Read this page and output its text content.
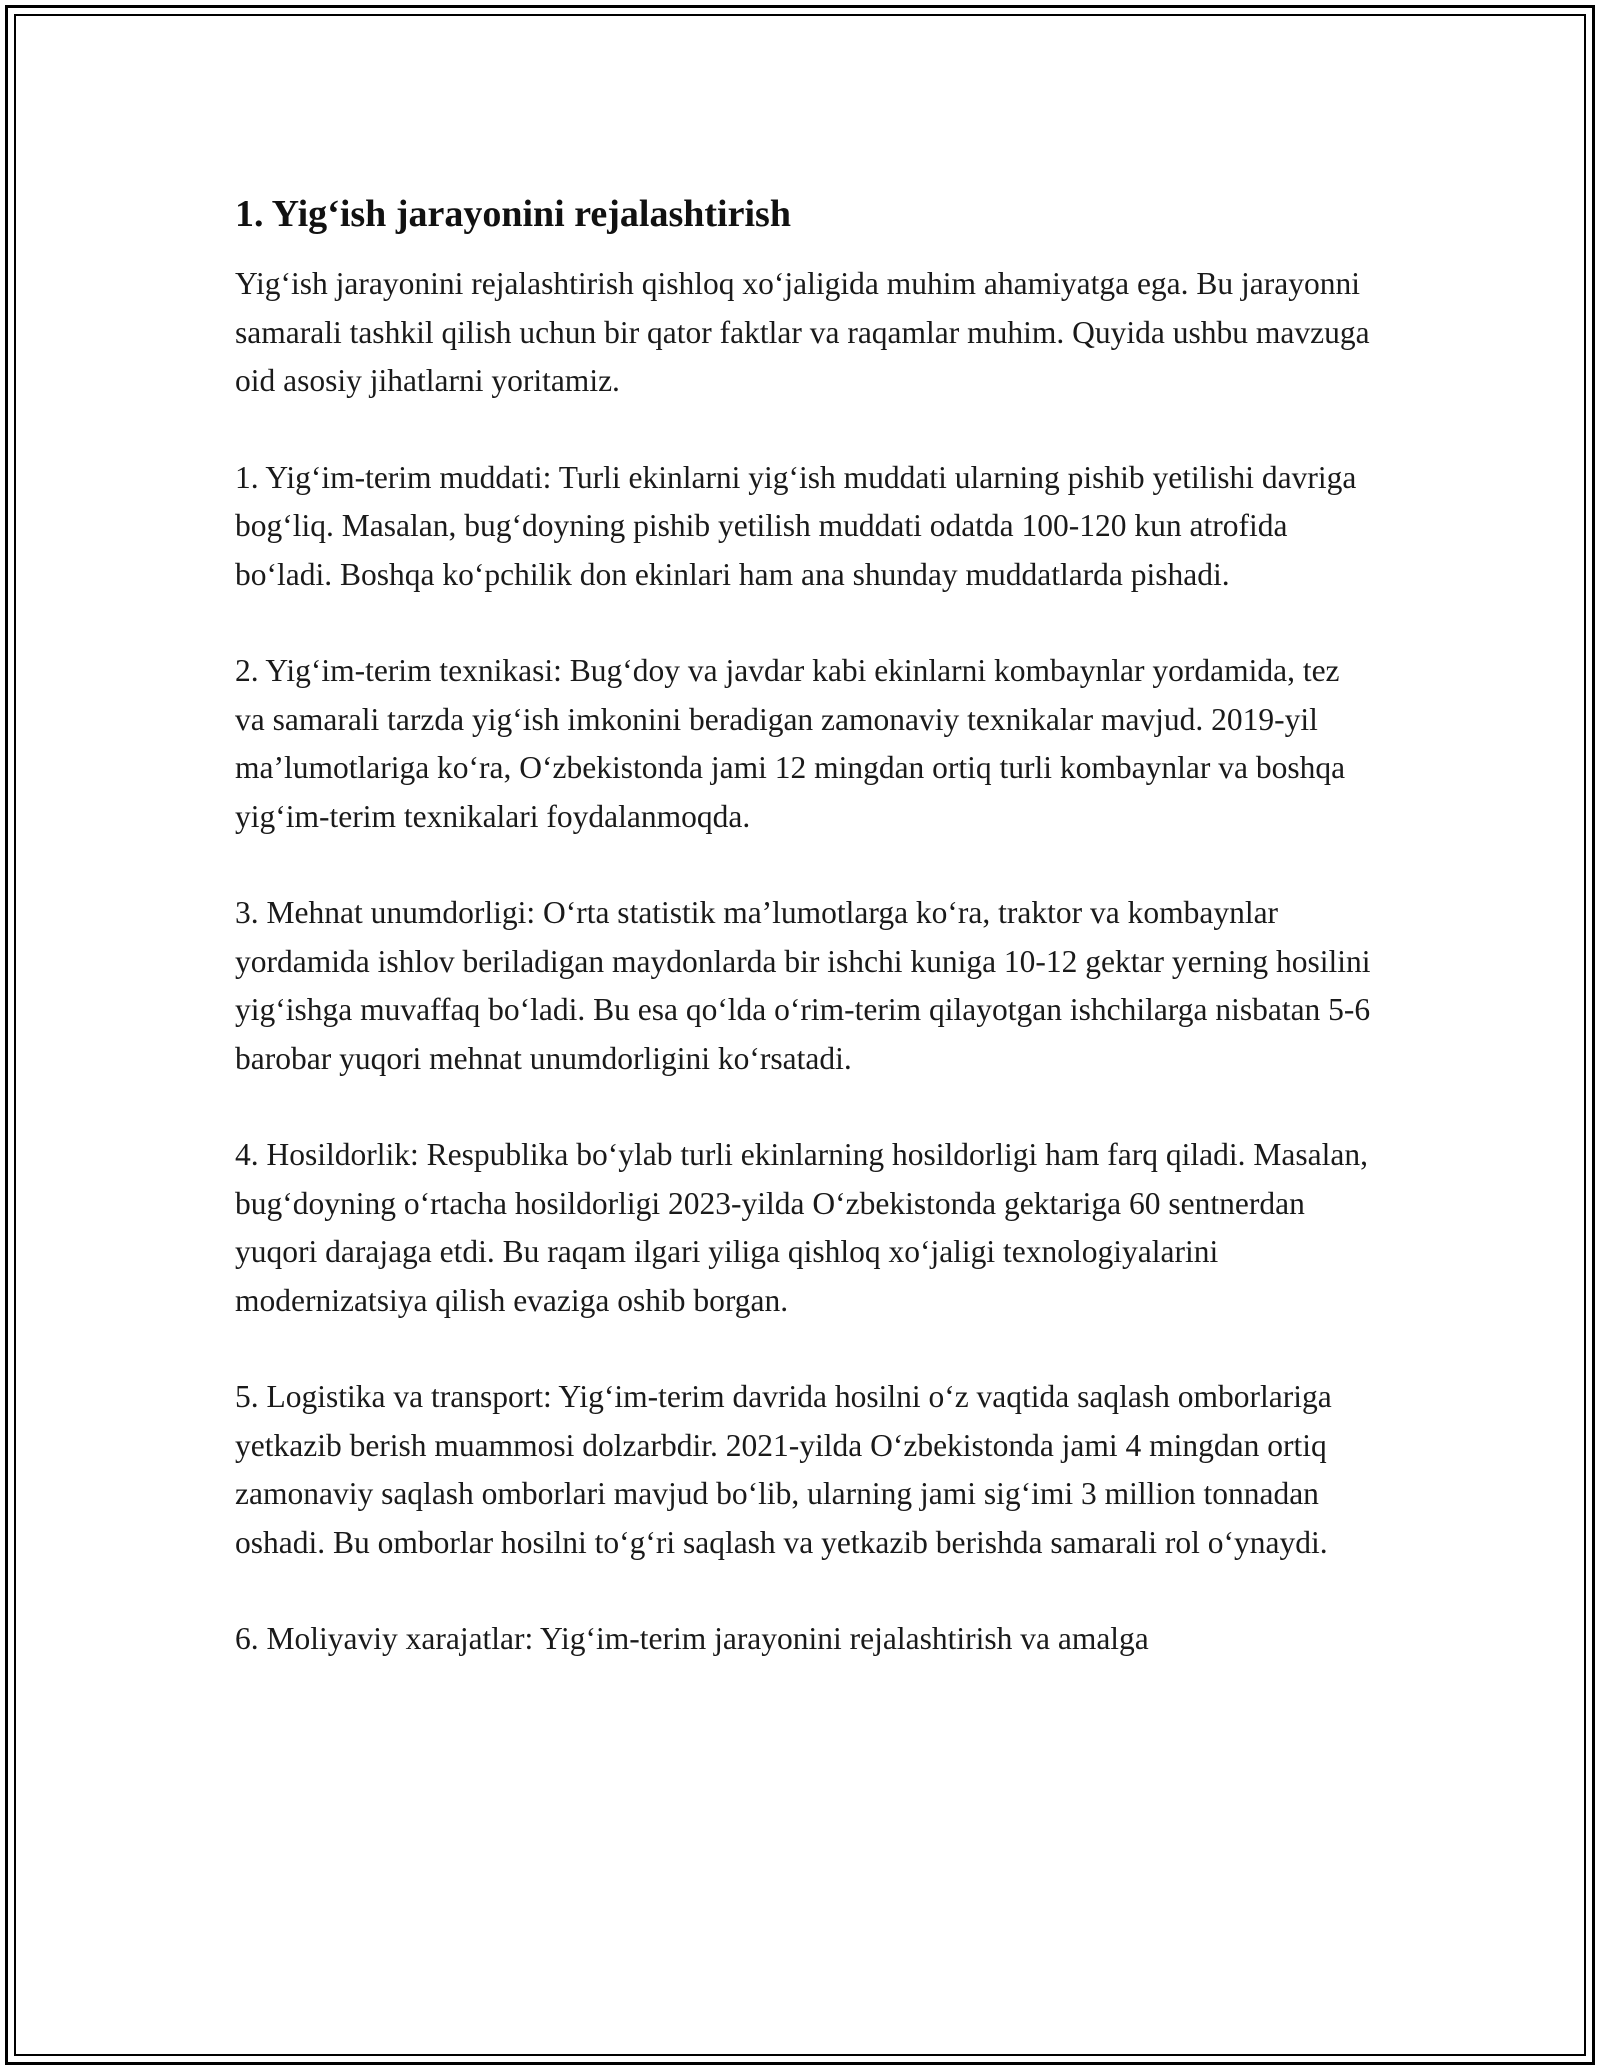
1. Yig‘ish jarayonini rejalashtirish

Yig‘ish jarayonini rejalashtirish qishloq xo‘jaligida muhim ahamiyatga ega. Bu jarayonni samarali tashkil qilish uchun bir qator faktlar va raqamlar muhim. Quyida ushbu mavzuga oid asosiy jihatlarni yoritamiz.

1. Yig‘im-terim muddati: Turli ekinlarni yig‘ish muddati ularning pishib yetilishi davriga bog‘liq. Masalan, bug‘doyning pishib yetilish muddati odatda 100-120 kun atrofida bo‘ladi. Boshqa ko‘pchilik don ekinlari ham ana shunday muddatlarda pishadi.

2. Yig‘im-terim texnikasi: Bug‘doy va javdar kabi ekinlarni kombaynlar yordamida, tez va samarali tarzda yig‘ish imkonini beradigan zamonaviy texnikalar mavjud. 2019-yil ma’lumotlariga ko‘ra, O‘zbekistonda jami 12 mingdan ortiq turli kombaynlar va boshqa yig‘im-terim texnikalari foydalanmoqda.

3. Mehnat unumdorligi: O‘rta statistik ma’lumotlarga ko‘ra, traktor va kombaynlar yordamida ishlov beriladigan maydonlarda bir ishchi kuniga 10-12 gektar yerning hosilini yig‘ishga muvaffaq bo‘ladi. Bu esa qo‘lda o‘rim-terim qilayotgan ishchilarga nisbatan 5-6 barobar yuqori mehnat unumdorligini ko‘rsatadi.

4. Hosildorlik: Respublika bo‘ylab turli ekinlarning hosildorligi ham farq qiladi. Masalan, bug‘doyning o‘rtacha hosildorligi 2023-yilda O‘zbekistonda gektariga 60 sentnerdan yuqori darajaga etdi. Bu raqam ilgari yiliga qishloq xo‘jaligi texnologiyalarini modernizatsiya qilish evaziga oshib borgan.

5. Logistika va transport: Yig‘im-terim davrida hosilni o‘z vaqtida saqlash omborlariga yetkazib berish muammosi dolzarbdir. 2021-yilda O‘zbekistonda jami 4 mingdan ortiq zamonaviy saqlash omborlari mavjud bo‘lib, ularning jami sig‘imi 3 million tonnadan oshadi. Bu omborlar hosilni to‘g‘ri saqlash va yetkazib berishda samarali rol o‘ynaydi.

6. Moliyaviy xarajatlar: Yig‘im-terim jarayonini rejalashtirish va amalga
